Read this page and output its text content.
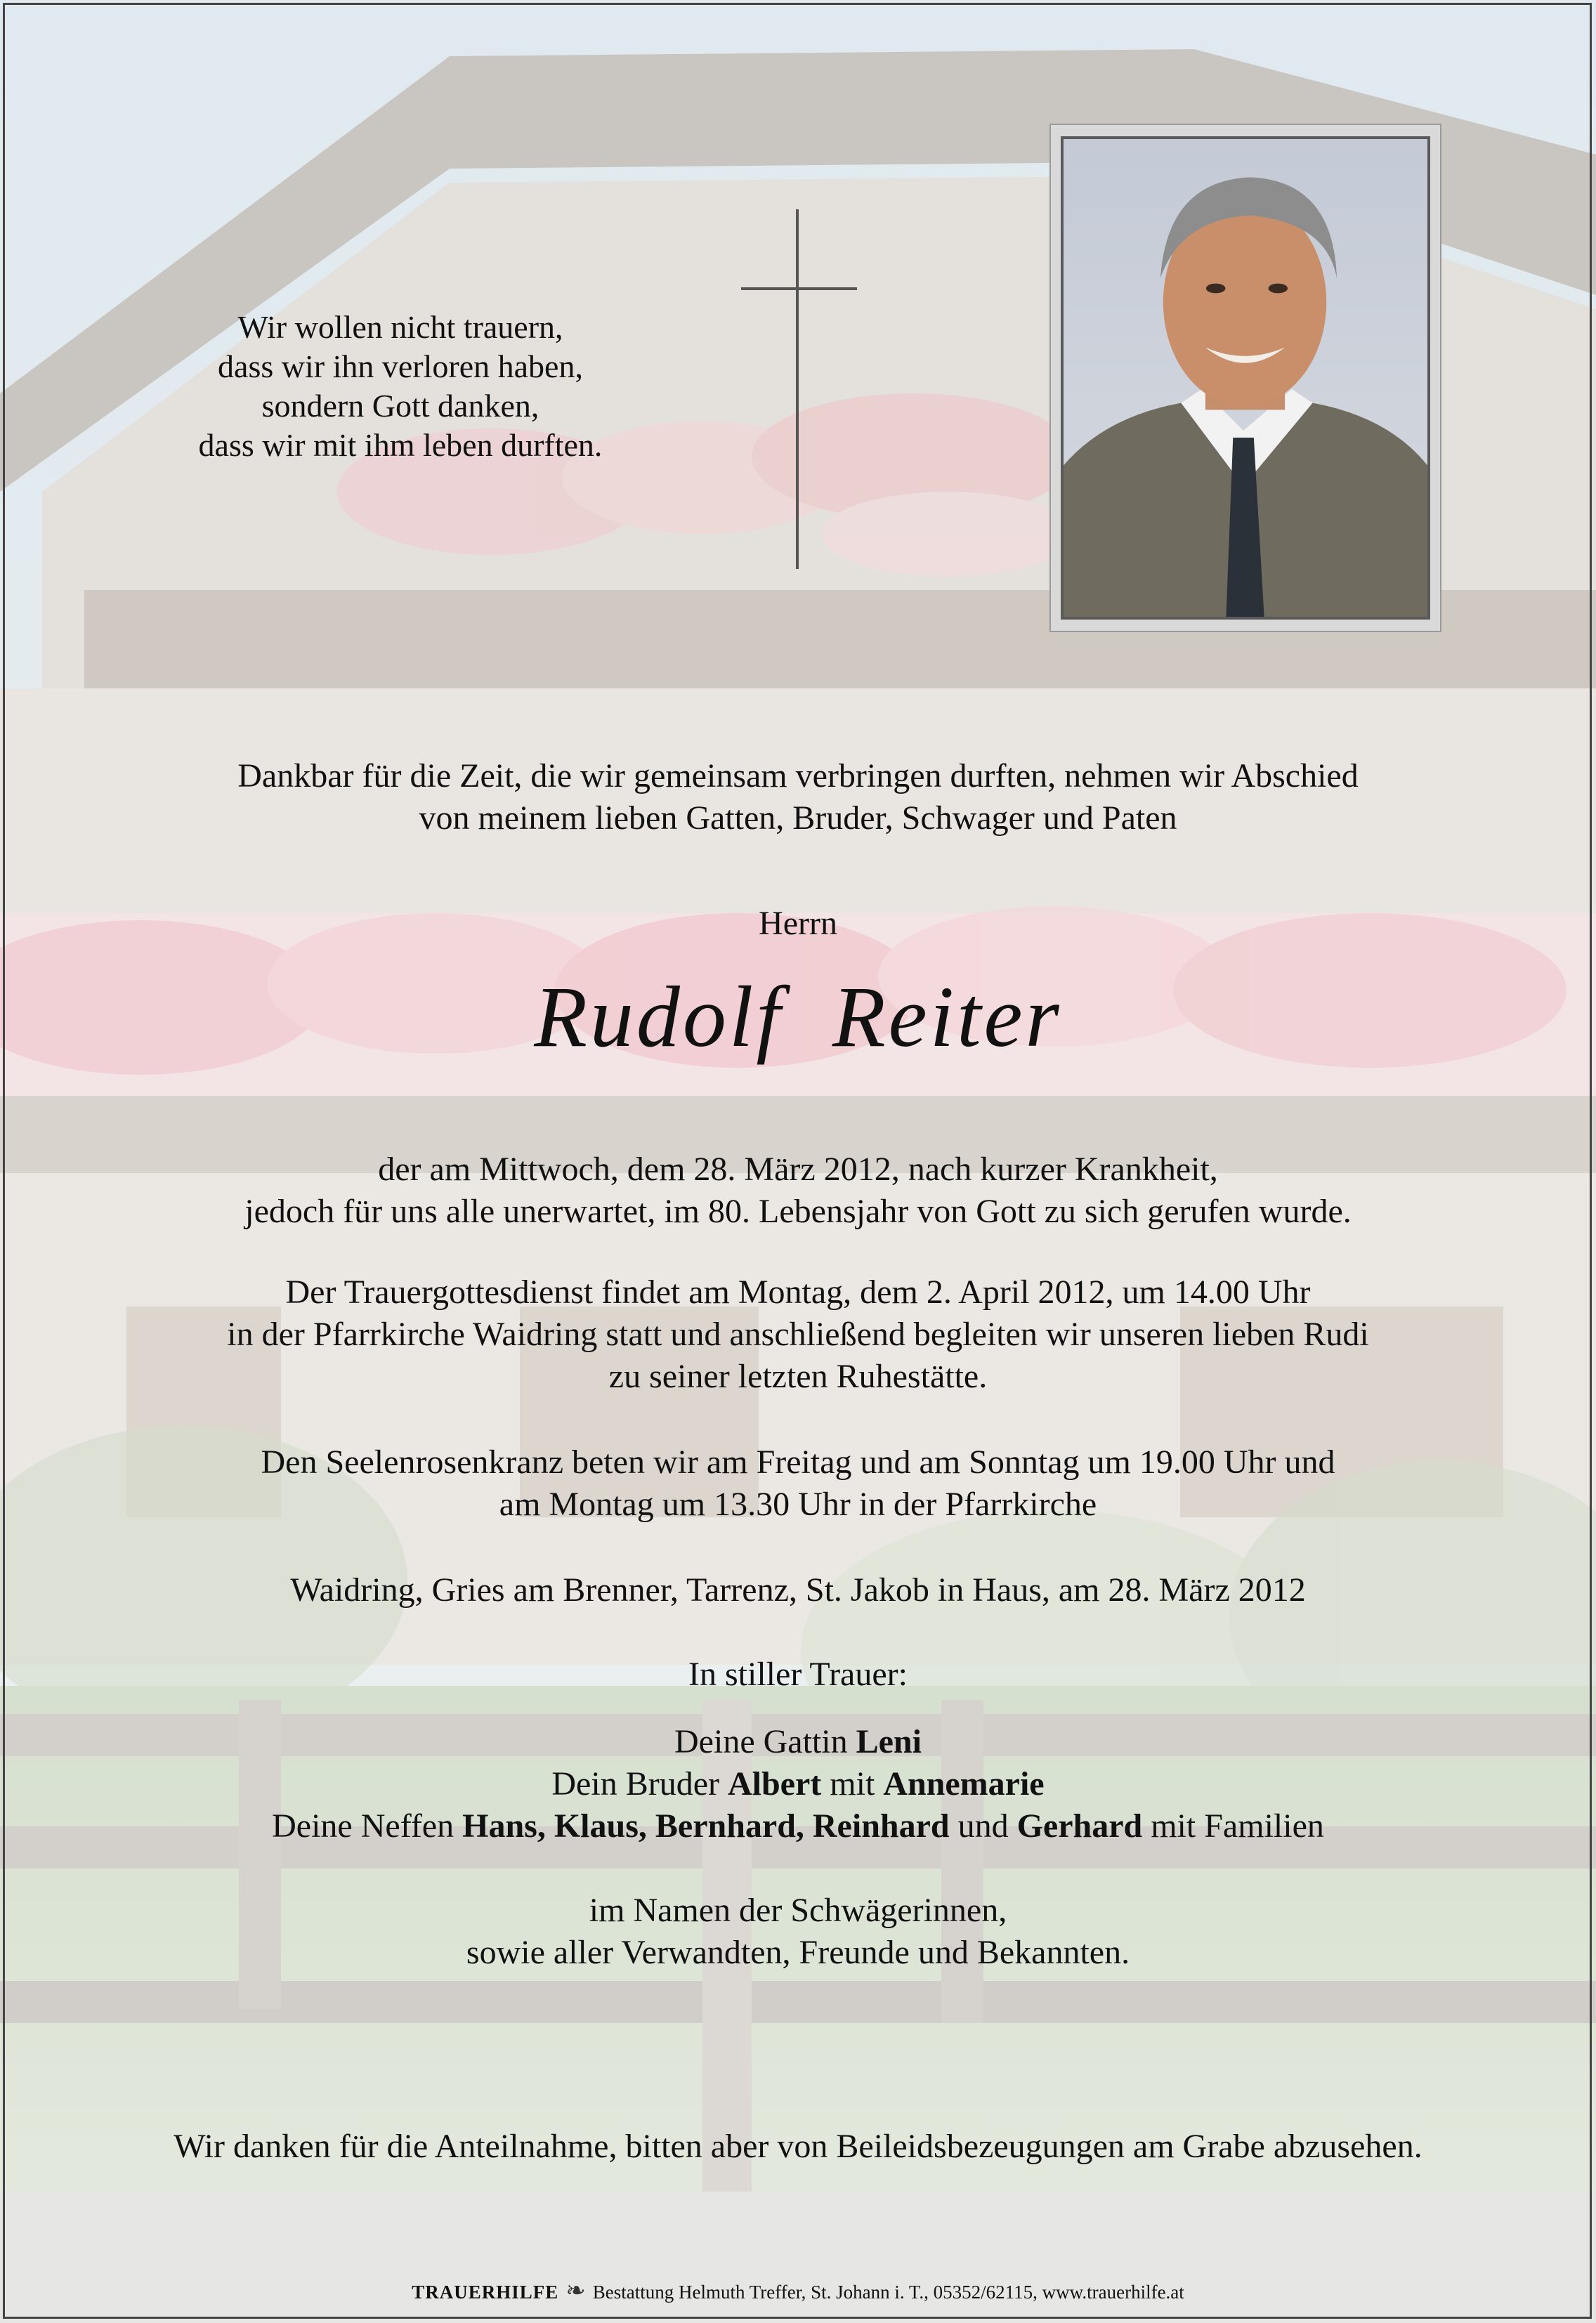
Wir wollen nicht trauern,
dass wir ihn verloren haben,
sondern Gott danken,
dass wir mit ihm leben durften.
Dankbar für die Zeit, die wir gemeinsam verbringen durften, nehmen wir Abschied
von meinem lieben Gatten, Bruder, Schwager und Paten
Herrn
Rudolf  Reiter
der am Mittwoch, dem 28. März 2012, nach kurzer Krankheit,
jedoch für uns alle unerwartet, im 80. Lebensjahr von Gott zu sich gerufen wurde.
Der Trauergottesdienst findet am Montag, dem 2. April 2012, um 14.00 Uhr
in der Pfarrkirche Waidring statt und anschließend begleiten wir unseren lieben Rudi
zu seiner letzten Ruhestätte.
Den Seelenrosenkranz beten wir am Freitag und am Sonntag um 19.00 Uhr und
am Montag um 13.30 Uhr in der Pfarrkirche
Waidring, Gries am Brenner, Tarrenz, St. Jakob in Haus, am 28. März 2012
In stiller Trauer:
Deine Gattin Leni
Dein Bruder Albert mit Annemarie
Deine Neffen Hans, Klaus, Bernhard, Reinhard und Gerhard mit Familien
im Namen der Schwägerinnen,
sowie aller Verwandten, Freunde und Bekannten.
Wir danken für die Anteilnahme, bitten aber von Beileidsbezeugungen am Grabe abzusehen.
TRAUERHILFE ❧ Bestattung Helmuth Treffer, St. Johann i. T., 05352/62115, www.trauerhilfe.at
